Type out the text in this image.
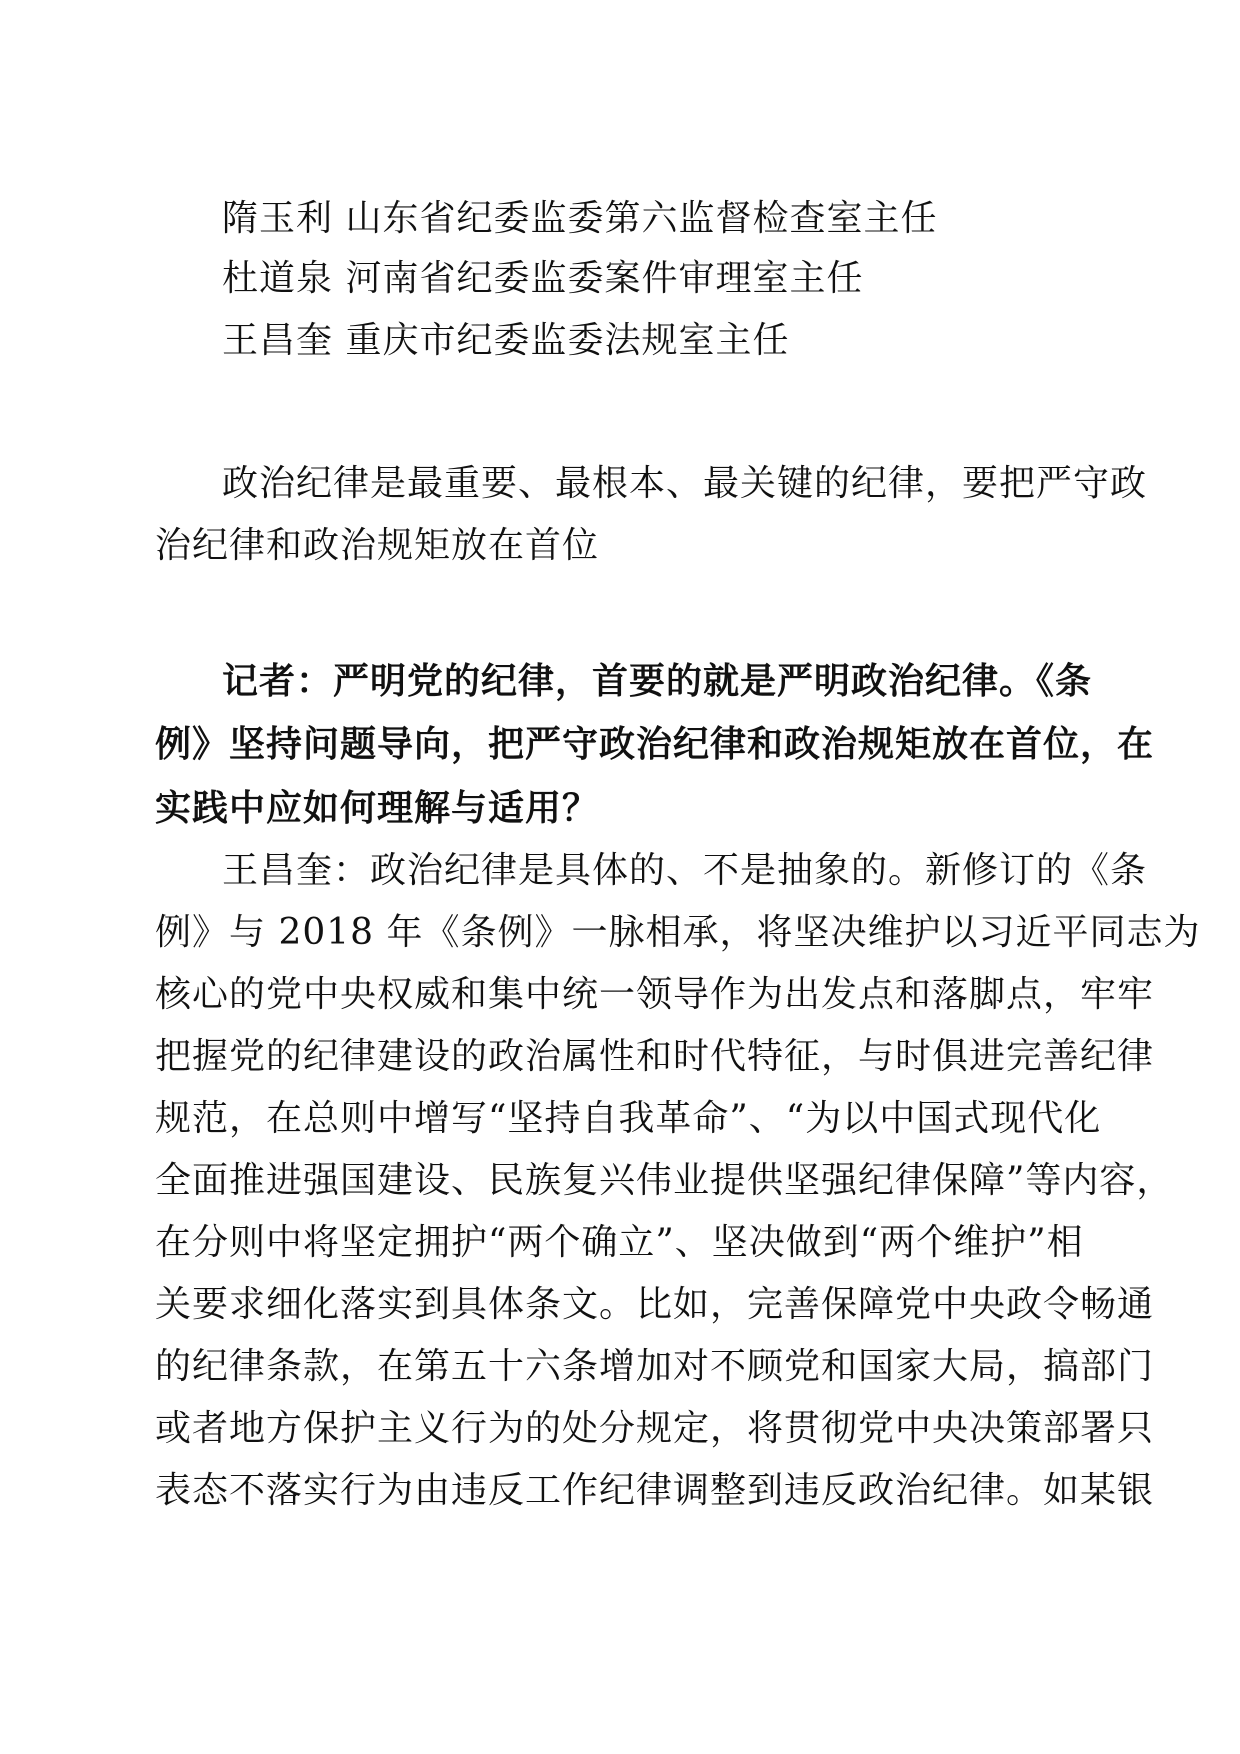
隋玉利 山东省纪委监委第六监督检查室主任
杜道泉 河南省纪委监委案件审理室主任
王昌奎 重庆市纪委监委法规室主任
政治纪律是最重要、最根本、最关键的纪律，要把严守政
治纪律和政治规矩放在首位
记者：严明党的纪律，首要的就是严明政治纪律。《条
例》坚持问题导向，把严守政治纪律和政治规矩放在首位，在
实践中应如何理解与适用？
王昌奎：政治纪律是具体的、不是抽象的。新修订的《条
例》与 2018 年《条例》一脉相承，将坚决维护以习近平同志为
核心的党中央权威和集中统一领导作为出发点和落脚点，牢牢
把握党的纪律建设的政治属性和时代特征，与时俱进完善纪律
规范，在总则中增写“坚持自我革命”、“为以中国式现代化
全面推进强国建设、民族复兴伟业提供坚强纪律保障”等内容，
在分则中将坚定拥护“两个确立”、坚决做到“两个维护”相
关要求细化落实到具体条文。比如，完善保障党中央政令畅通
的纪律条款，在第五十六条增加对不顾党和国家大局，搞部门
或者地方保护主义行为的处分规定，将贯彻党中央决策部署只
表态不落实行为由违反工作纪律调整到违反政治纪律。如某银
